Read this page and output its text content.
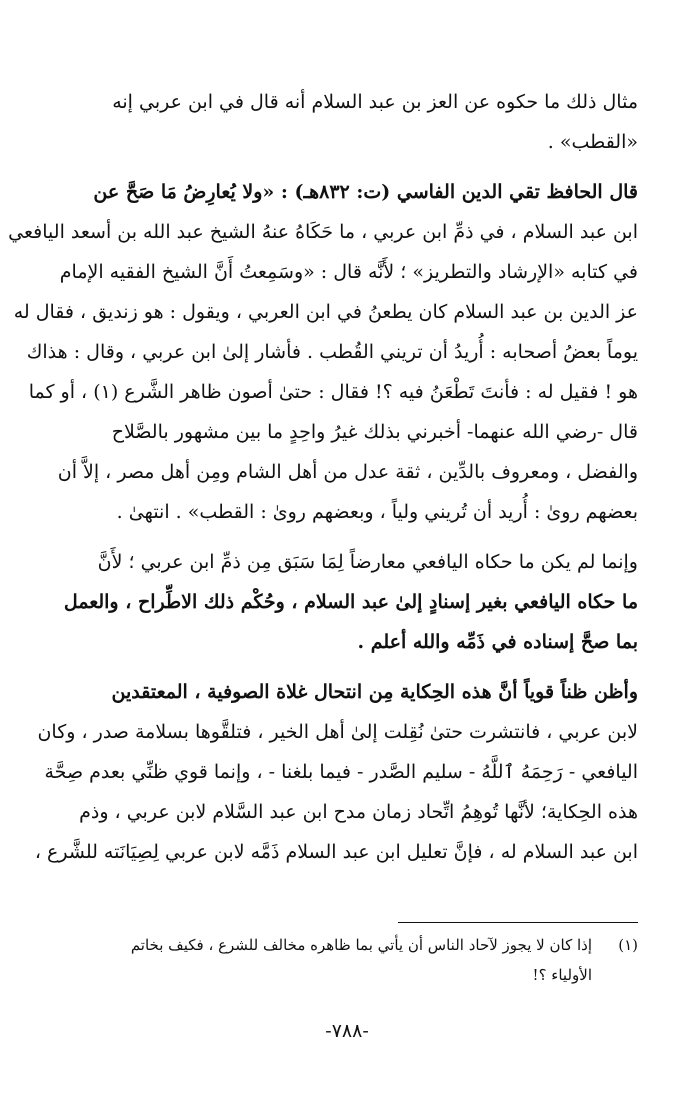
مثال ذلك ما حكوه عن العز بن عبد السلام أنه قال في ابن عربي إنه
«القطب» .
قال الحافظ تقي الدين الفاسي (ت: ٨٣٢هـ) : «ولا يُعارِضُ مَا صَحَّ عن
ابن عبد السلام ، في ذمِّ ابن عربي ، ما حَكَاهُ عنهُ الشيخ عبد الله بن أسعد اليافعي
في كتابه «الإرشاد والتطريز» ؛ لأَنَّه قال : «وسَمِعتُ أَنَّ الشيخ الفقيه الإمام
عز الدين بن عبد السلام كان يطعنُ في ابن العربي ، ويقول : هو زنديق ، فقال له
يوماً بعضُ أصحابه : أُريدُ أن تريني القُطب . فأشار إلىٰ ابن عربي ، وقال : هذاك
هو ! فقيل له : فأنتَ تَطْعَنُ فيه ؟! فقال : حتىٰ أصون ظاهر الشَّرع (١) ، أو كما
قال -رضي الله عنهما- أخبرني بذلك غيرُ واحِدٍ ما بين مشهور بالصَّلاح
والفضل ، ومعروف بالدِّين ، ثقة عدل من أهل الشام ومِن أهل مصر ، إلاَّ أن
بعضهم روىٰ : أُريد أن تُريني ولياً ، وبعضهم روىٰ : القطب» . انتهىٰ .
وإنما لم يكن ما حكاه اليافعي معارضاً لِمَا سَبَق مِن ذمِّ ابن عربي ؛ لأَنَّ
ما حكاه اليافعي بغير إسنادٍ إلىٰ عبد السلام ، وحُكْم ذلك الاطِّراح ، والعمل
بما صحَّ إسناده في ذَمِّه والله أعلم .
وأظن ظناً قوياً أنَّ هذه الحِكاية مِن انتحال غلاة الصوفية ، المعتقدين
لابن عربي ، فانتشرت حتىٰ نُقِلت إلىٰ أهل الخير ، فتلقَّوها بسلامة صدر ، وكان
اليافعي - رَحِمَهُ ٱللَّهُ - سليم الصَّدر - فيما بلغنا - ، وإنما قوي ظنِّي بعدم صِحَّة
هذه الحِكاية؛ لأنَّها تُوهِمُ اتِّحاد زمان مدح ابن عبد السَّلام لابن عربي ، وذم
ابن عبد السلام له ، فإنَّ تعليل ابن عبد السلام ذَمَّه لابن عربي لِصِيَانَته للشَّرع ،
(١)إذا كان لا يجوز لآحاد الناس أن يأتي بما ظاهره مخالف للشرع ، فكيف بخاتم
الأولياء ؟!
-٧٨٨-
